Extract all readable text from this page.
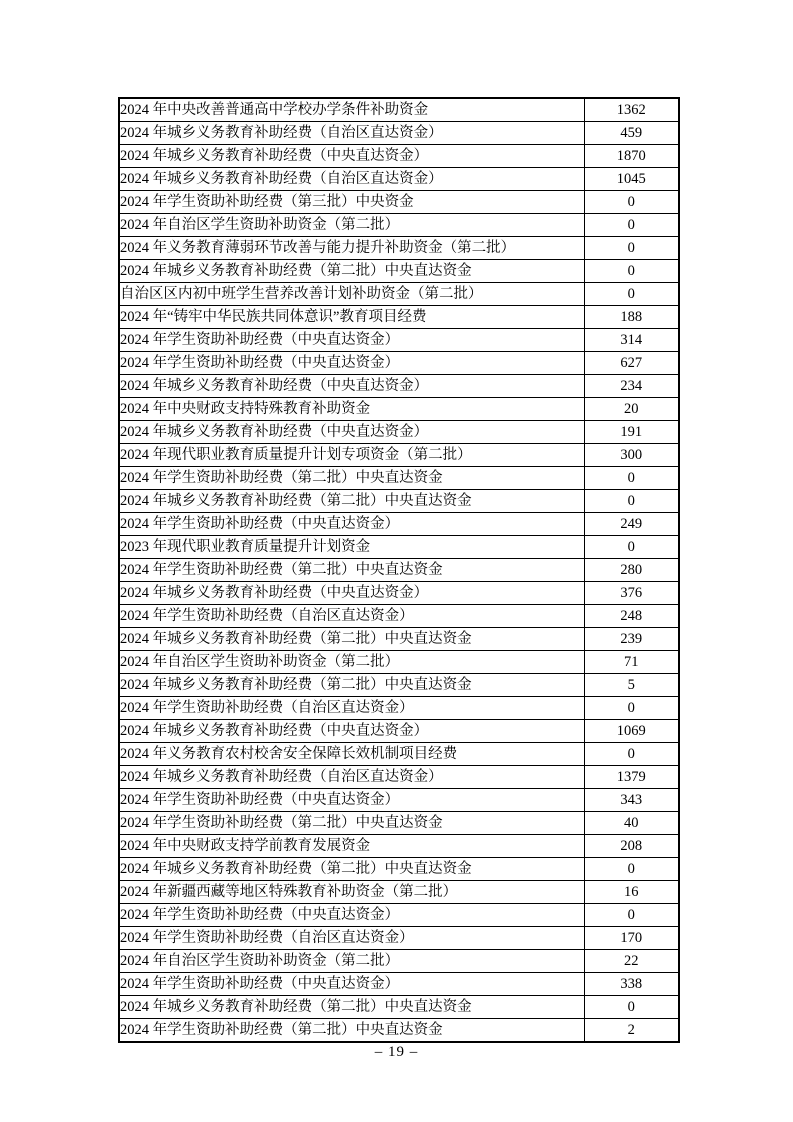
2024 年中央改善普通高中学校办学条件补助资金	1362
2024 年城乡义务教育补助经费（自治区直达资金）	459
2024 年城乡义务教育补助经费（中央直达资金）	1870
2024 年城乡义务教育补助经费（自治区直达资金）	1045
2024 年学生资助补助经费（第三批）中央资金	0
2024 年自治区学生资助补助资金（第二批）	0
2024 年义务教育薄弱环节改善与能力提升补助资金（第二批）	0
2024 年城乡义务教育补助经费（第二批）中央直达资金	0
自治区区内初中班学生营养改善计划补助资金（第二批）	0
2024 年“铸牢中华民族共同体意识”教育项目经费	188
2024 年学生资助补助经费（中央直达资金）	314
2024 年学生资助补助经费（中央直达资金）	627
2024 年城乡义务教育补助经费（中央直达资金）	234
2024 年中央财政支持特殊教育补助资金	20
2024 年城乡义务教育补助经费（中央直达资金）	191
2024 年现代职业教育质量提升计划专项资金（第二批）	300
2024 年学生资助补助经费（第二批）中央直达资金	0
2024 年城乡义务教育补助经费（第二批）中央直达资金	0
2024 年学生资助补助经费（中央直达资金）	249
2023 年现代职业教育质量提升计划资金	0
2024 年学生资助补助经费（第二批）中央直达资金	280
2024 年城乡义务教育补助经费（中央直达资金）	376
2024 年学生资助补助经费（自治区直达资金）	248
2024 年城乡义务教育补助经费（第二批）中央直达资金	239
2024 年自治区学生资助补助资金（第二批）	71
2024 年城乡义务教育补助经费（第二批）中央直达资金	5
2024 年学生资助补助经费（自治区直达资金）	0
2024 年城乡义务教育补助经费（中央直达资金）	1069
2024 年义务教育农村校舍安全保障长效机制项目经费	0
2024 年城乡义务教育补助经费（自治区直达资金）	1379
2024 年学生资助补助经费（中央直达资金）	343
2024 年学生资助补助经费（第二批）中央直达资金	40
2024 年中央财政支持学前教育发展资金	208
2024 年城乡义务教育补助经费（第二批）中央直达资金	0
2024 年新疆西藏等地区特殊教育补助资金（第二批）	16
2024 年学生资助补助经费（中央直达资金）	0
2024 年学生资助补助经费（自治区直达资金）	170
2024 年自治区学生资助补助资金（第二批）	22
2024 年学生资助补助经费（中央直达资金）	338
2024 年城乡义务教育补助经费（第二批）中央直达资金	0
2024 年学生资助补助经费（第二批）中央直达资金	2
– 19 –
